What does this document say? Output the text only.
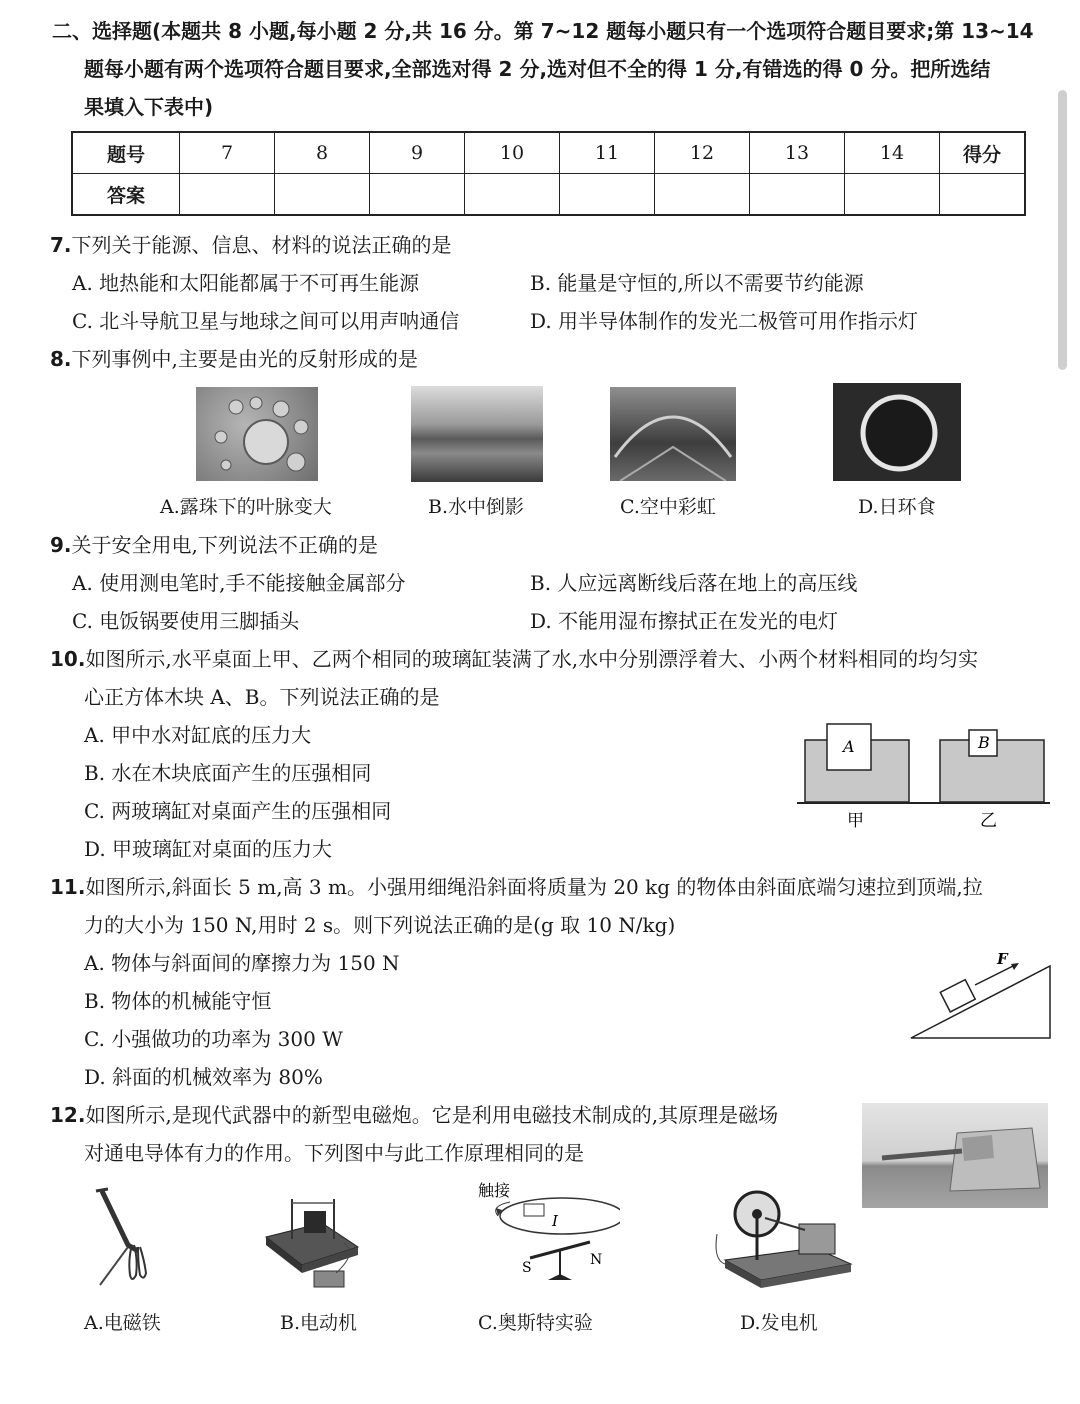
二、选择题(本题共 8 小题,每小题 2 分,共 16 分。第 7~12 题每小题只有一个选项符合题目要求;第 13~14
题每小题有两个选项符合题目要求,全部选对得 2 分,选对但不全的得 1 分,有错选的得 0 分。把所选结
果填入下表中)
题号	7	8	9	10	11	12	13	14	得分
答案									
7.下列关于能源、信息、材料的说法正确的是
A. 地热能和太阳能都属于不可再生能源	B. 能量是守恒的,所以不需要节约能源
C. 北斗导航卫星与地球之间可以用声呐通信	D. 用半导体制作的发光二极管可用作指示灯
8.下列事例中,主要是由光的反射形成的是
A.露珠下的叶脉变大	B.水中倒影	C.空中彩虹	D.日环食
9.关于安全用电,下列说法不正确的是
A. 使用测电笔时,手不能接触金属部分	B. 人应远离断线后落在地上的高压线
C. 电饭锅要使用三脚插头	D. 不能用湿布擦拭正在发光的电灯
10.如图所示,水平桌面上甲、乙两个相同的玻璃缸装满了水,水中分别漂浮着大、小两个材料相同的均匀实
心正方体木块 A、B。下列说法正确的是
A. 甲中水对缸底的压力大
B. 水在木块底面产生的压强相同
C. 两玻璃缸对桌面产生的压强相同
D. 甲玻璃缸对桌面的压力大
A	B
甲	乙
11.如图所示,斜面长 5 m,高 3 m。小强用细绳沿斜面将质量为 20 kg 的物体由斜面底端匀速拉到顶端,拉
力的大小为 150 N,用时 2 s。则下列说法正确的是(g 取 10 N/kg)
A. 物体与斜面间的摩擦力为 150 N
B. 物体的机械能守恒
C. 小强做功的功率为 300 W
D. 斜面的机械效率为 80%
F
12.如图所示,是现代武器中的新型电磁炮。它是利用电磁技术制成的,其原理是磁场
对通电导体有力的作用。下列图中与此工作原理相同的是
触接
I
S	N
A.电磁铁	B.电动机	C.奥斯特实验	D.发电机
